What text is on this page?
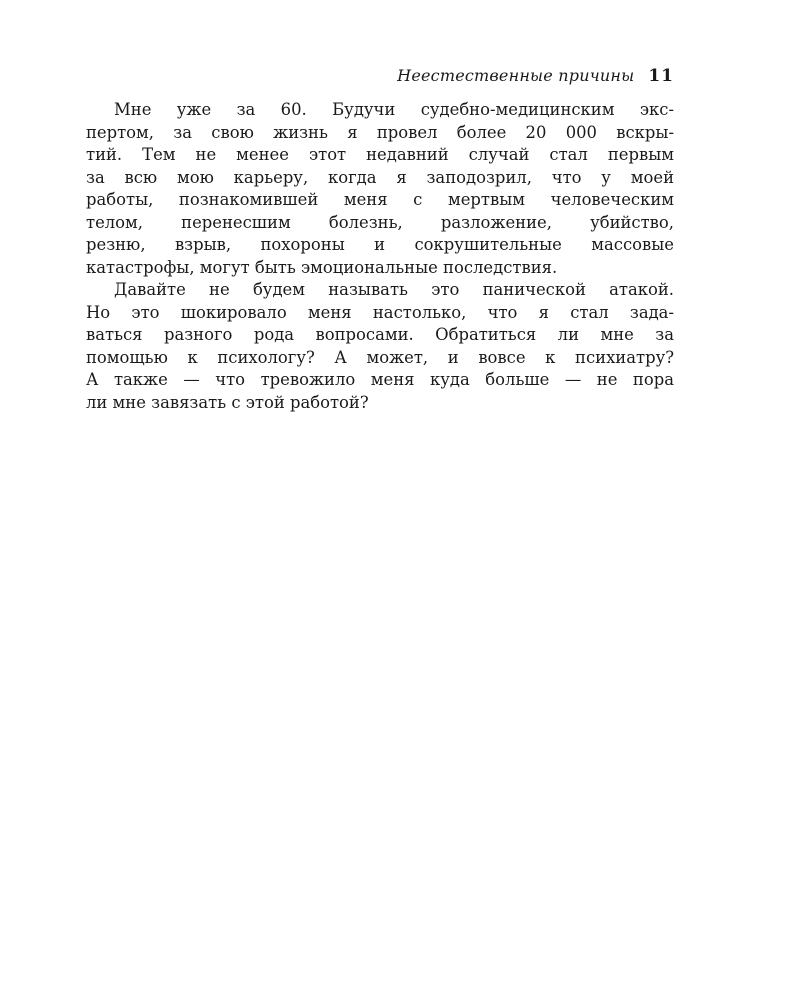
Неестественные причины 11

Мне уже за 60. Будучи судебно-медицинским экс-
пертом, за свою жизнь я провел более 20 000 вскры-
тий. Тем не менее этот недавний случай стал первым
за всю мою карьеру, когда я заподозрил, что у моей
работы, познакомившей меня с мертвым человеческим
телом, перенесшим болезнь, разложение, убийство,
резню, взрыв, похороны и сокрушительные массовые
катастрофы, могут быть эмоциональные последствия.

Давайте не будем называть это панической атакой.
Но это шокировало меня настолько, что я стал зада-
ваться разного рода вопросами. Обратиться ли мне за
помощью к психологу? А может, и вовсе к психиатру?
А также — что тревожило меня куда больше — не пора
ли мне завязать с этой работой?
